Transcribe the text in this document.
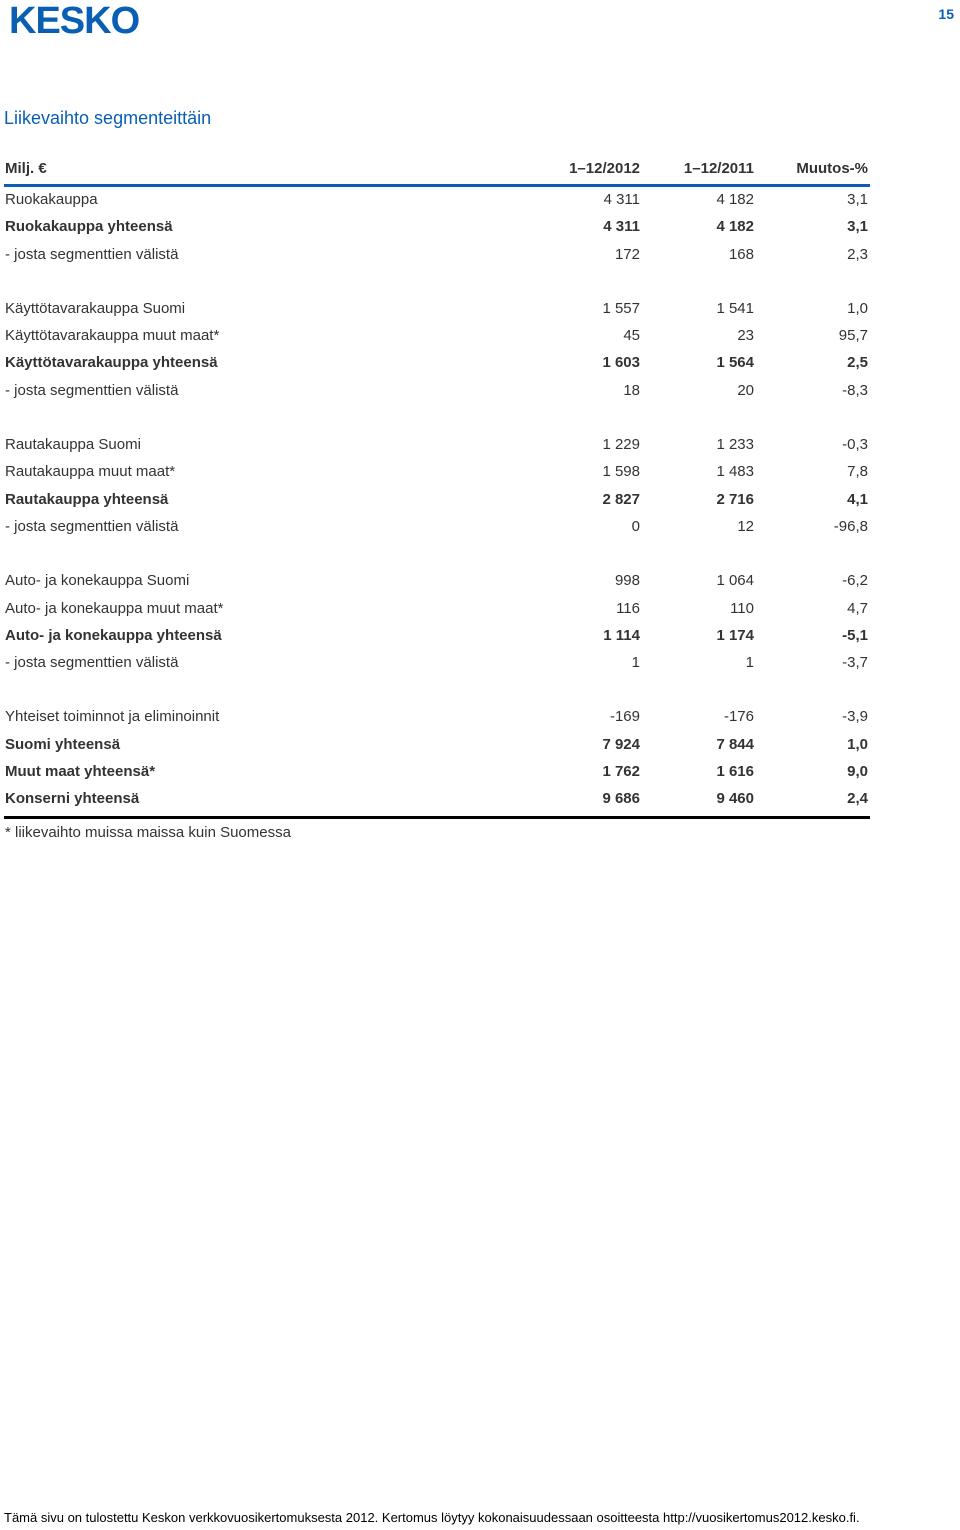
KESKO	15
Liikevaihto segmenteittäin
Milj. €	1–12/2012	1–12/2011	Muutos-%
Ruokakauppa	4 311	4 182	3,1
Ruokakauppa yhteensä	4 311	4 182	3,1
- josta segmenttien välistä	172	168	2,3
Käyttötavarakauppa Suomi	1 557	1 541	1,0
Käyttötavarakauppa muut maat*	45	23	95,7
Käyttötavarakauppa yhteensä	1 603	1 564	2,5
- josta segmenttien välistä	18	20	-8,3
Rautakauppa Suomi	1 229	1 233	-0,3
Rautakauppa muut maat*	1 598	1 483	7,8
Rautakauppa yhteensä	2 827	2 716	4,1
- josta segmenttien välistä	0	12	-96,8
Auto- ja konekauppa Suomi	998	1 064	-6,2
Auto- ja konekauppa muut maat*	116	110	4,7
Auto- ja konekauppa yhteensä	1 114	1 174	-5,1
- josta segmenttien välistä	1	1	-3,7
Yhteiset toiminnot ja eliminoinnit	-169	-176	-3,9
Suomi yhteensä	7 924	7 844	1,0
Muut maat yhteensä*	1 762	1 616	9,0
Konserni yhteensä	9 686	9 460	2,4
* liikevaihto muissa maissa kuin Suomessa
Tämä sivu on tulostettu Keskon verkkovuosikertomuksesta 2012. Kertomus löytyy kokonaisuudessaan osoitteesta http://vuosikertomus2012.kesko.fi.
